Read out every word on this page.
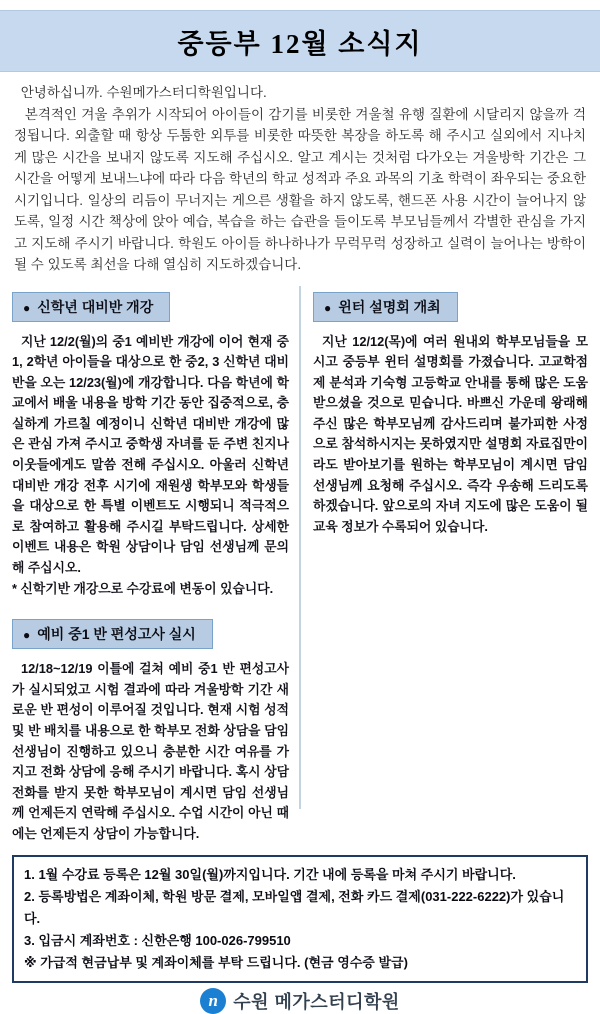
중등부 12월 소식지

안녕하십니까. 수원메가스터디학원입니다.

본격적인 겨울 추위가 시작되어 아이들이 감기를 비롯한 겨울철 유행 질환에 시달리지 않을까 걱정됩니다. 외출할 때 항상 두툼한 외투를 비롯한 따뜻한 복장을 하도록 해 주시고 실외에서 지나치게 많은 시간을 보내지 않도록 지도해 주십시오. 알고 계시는 것처럼 다가오는 겨울방학 기간은 그 시간을 어떻게 보내느냐에 따라 다음 학년의 학교 성적과 주요 과목의 기초 학력이 좌우되는 중요한 시기입니다. 일상의 리듬이 무너지는 게으른 생활을 하지 않도록, 핸드폰 사용 시간이 늘어나지 않도록, 일정 시간 책상에 앉아 예습, 복습을 하는 습관을 들이도록 부모님들께서 각별한 관심을 가지고 지도해 주시기 바랍니다. 학원도 아이들 하나하나가 무럭무럭 성장하고 실력이 늘어나는 방학이 될 수 있도록 최선을 다해 열심히 지도하겠습니다.

● 신학년 대비반 개강

지난 12/2(월)의 중1 예비반 개강에 이어 현재 중1, 2학년 아이들을 대상으로 한 중2, 3 신학년 대비반을 오는 12/23(월)에 개강합니다. 다음 학년에 학교에서 배울 내용을 방학 기간 동안 집중적으로, 충실하게 가르칠 예정이니 신학년 대비반 개강에 많은 관심 가져 주시고 중학생 자녀를 둔 주변 친지나 이웃들에게도 말씀 전해 주십시오. 아울러 신학년 대비반 개강 전후 시기에 재원생 학부모와 학생들을 대상으로 한 특별 이벤트도 시행되니 적극적으로 참여하고 활용해 주시길 부탁드립니다. 상세한 이벤트 내용은 학원 상담이나 담임 선생님께 문의해 주십시오.

* 신학기반 개강으로 수강료에 변동이 있습니다.
● 예비 중1 반 편성고사 실시

12/18~12/19 이틀에 걸쳐 예비 중1 반 편성고사가 실시되었고 시험 결과에 따라 겨울방학 기간 새로운 반 편성이 이루어질 것입니다. 현재 시험 성적 및 반 배치를 내용으로 한 학부모 전화 상담을 담임 선생님이 진행하고 있으니 충분한 시간 여유를 가지고 전화 상담에 응해 주시기 바랍니다. 혹시 상담 전화를 받지 못한 학부모님이 계시면 담임 선생님께 언제든지 연락해 주십시오. 수업 시간이 아닌 때에는 언제든지 상담이 가능합니다.

● 윈터 설명회 개최

지난 12/12(목)에 여러 원내외 학부모님들을 모시고 중등부 윈터 설명회를 가졌습니다. 고교학점제 분석과 기숙형 고등학교 안내를 통해 많은 도움 받으셨을 것으로 믿습니다. 바쁘신 가운데 왕래해 주신 많은 학부모님께 감사드리며 불가피한 사정으로 참석하시지는 못하였지만 설명회 자료집만이라도 받아보기를 원하는 학부모님이 계시면 담임 선생님께 요청해 주십시오. 즉각 우송해 드리도록 하겠습니다. 앞으로의 자녀 지도에 많은 도움이 될 교육 정보가 수록되어 있습니다.

1. 1월 수강료 등록은 12월 30일(월)까지입니다. 기간 내에 등록을 마쳐 주시기 바랍니다.
2. 등록방법은 계좌이체, 학원 방문 결제, 모바일앱 결제, 전화 카드 결제(031-222-6222)가 있습니다.
3. 입금시 계좌번호 : 신한은행 100-026-799510
※ 가급적 현금납부 및 계좌이체를 부탁 드립니다. (현금 영수증 발급)
n 수원 메가스터디학원
